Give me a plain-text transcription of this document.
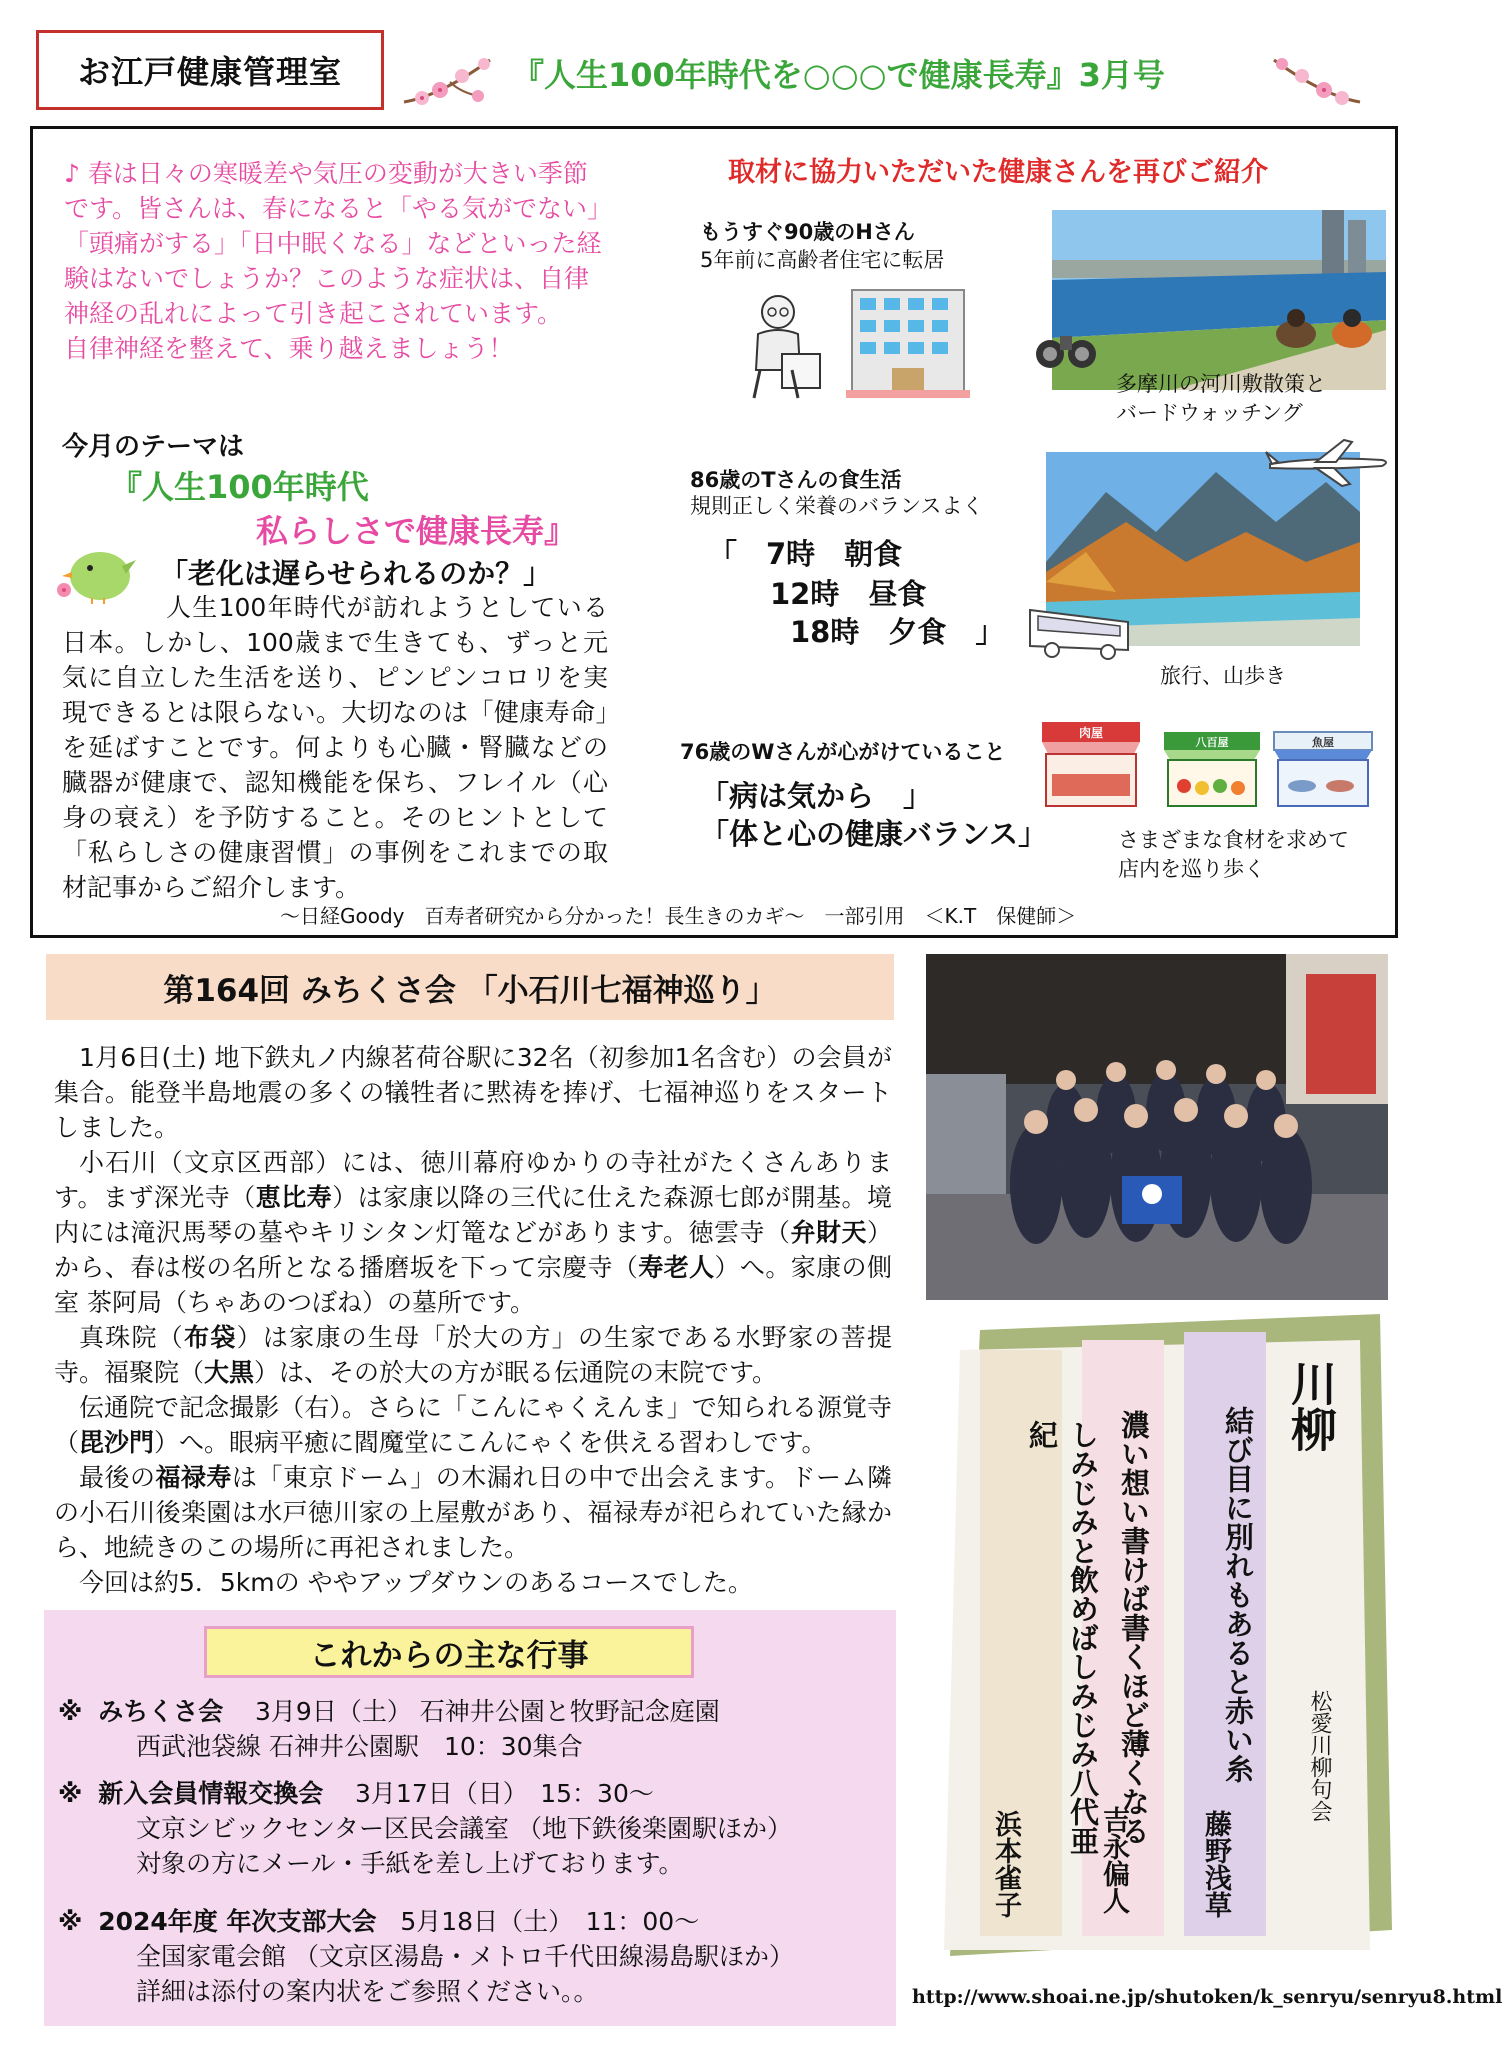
お江戸健康管理室	『人生100年時代を○○○で健康長寿』3月号
♪ 春は日々の寒暖差や気圧の変動が大きい季節です。皆さんは、春になると「やる気がでない」「頭痛がする」「日中眠くなる」などといった経験はないでしょうか？このような症状は、自律神経の乱れによって引き起こされています。
自律神経を整えて、乗り越えましょう！
今月のテーマは
『人生100年時代
私らしさで健康長寿』
「老化は遅らせられるのか？」
人生100年時代が訪れようとしている日本。しかし、100歳まで生きても、ずっと元気に自立した生活を送り、ピンピンコロリを実現できるとは限らない。大切なのは「健康寿命」を延ばすことです。何よりも心臓・腎臓などの臓器が健康で、認知機能を保ち、フレイル（心身の衰え）を予防すること。そのヒントとして「私らしさの健康習慣」の事例をこれまでの取材記事からご紹介します。
～日経Goody　百寿者研究から分かった！長生きのカギ～　一部引用　＜K.T　保健師＞
取材に協力いただいた健康さんを再びご紹介
もうすぐ90歳のHさん
5年前に高齢者住宅に転居
多摩川の河川敷散策と
バードウォッチング
86歳のTさんの食生活
規則正しく栄養のバランスよく
「　7時　朝食
12時　昼食
18時　夕食　」
旅行、山歩き
76歳のWさんが心がけていること
「病は気から　」
「体と心の健康バランス」
肉屋
八百屋	魚屋
さまざまな食材を求めて
店内を巡り歩く
第164回 みちくさ会 「小石川七福神巡り」

1月6日(土) 地下鉄丸ノ内線茗荷谷駅に32名（初参加1名含む）の会員が集合。能登半島地震の多くの犠牲者に黙祷を捧げ、七福神巡りをスタートしました。

小石川（文京区西部）には、徳川幕府ゆかりの寺社がたくさんあります。まず深光寺（恵比寿）は家康以降の三代に仕えた森源七郎が開基。境内には滝沢馬琴の墓やキリシタン灯篭などがあります。徳雲寺（弁財天）から、春は桜の名所となる播磨坂を下って宗慶寺（寿老人）へ。家康の側室 茶阿局（ちゃあのつぼね）の墓所です。

真珠院（布袋）は家康の生母「於大の方」の生家である水野家の菩提寺。福聚院（大黒）は、その於大の方が眠る伝通院の末院です。

伝通院で記念撮影（右）。さらに「こんにゃくえんま」で知られる源覚寺（毘沙門）へ。眼病平癒に閻魔堂にこんにゃくを供える習わしです。

最後の福禄寿は「東京ドーム」の木漏れ日の中で出会えます。ドーム隣の小石川後楽園は水戸徳川家の上屋敷があり、福禄寿が祀られていた縁から、地続きのこの場所に再祀されました。

今回は約5．5kmの ややアップダウンのあるコースでした。

これからの主な行事
※ みちくさ会 3月9日（土） 石神井公園と牧野記念庭園
西武池袋線 石神井公園駅　10：30集合
※ 新入会員情報交換会 3月17日（日）　15：30～
文京シビックセンター区民会議室 （地下鉄後楽園駅ほか）
対象の方にメール・手紙を差し上げております。
※ 2024年度 年次支部大会 5月18日（土）　11：00～
全国家電会館 （文京区湯島・メトロ千代田線湯島駅ほか）
詳細は添付の案内状をご参照ください。。
川柳
松愛川柳句会
結び目に別れもあると赤い糸
藤野浅草
濃い想い書けば書くほど薄くなる
吉永偏人
しみじみと飲めばしみじみ八代亜紀
浜本雀子
http://www.shoai.ne.jp/shutoken/k_senryu/senryu8.html
